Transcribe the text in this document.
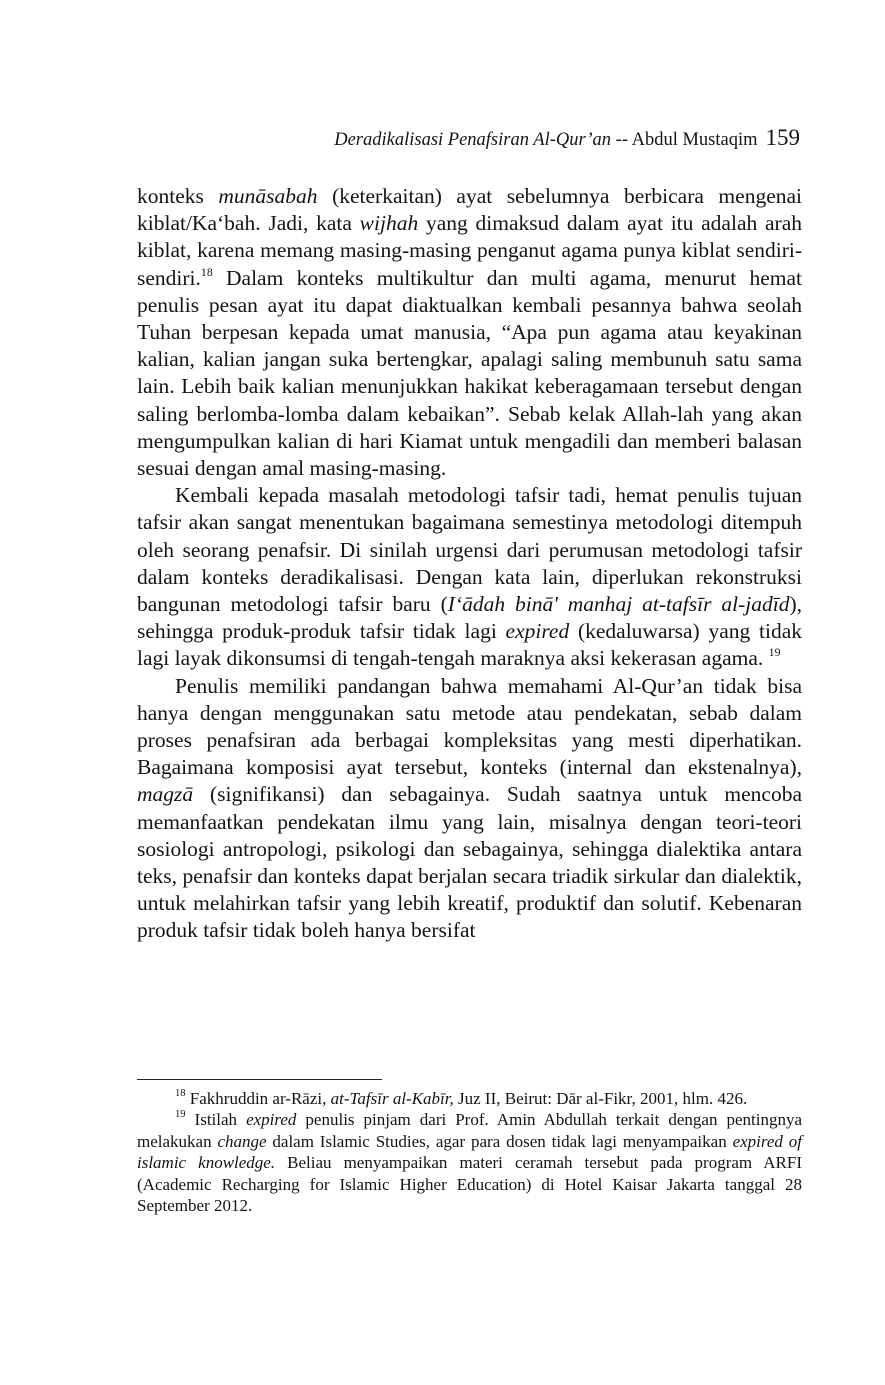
Deradikalisasi Penafsiran Al-Qur’an -- Abdul Mustaqim 159

konteks munāsabah (keterkaitan) ayat sebelumnya berbicara mengenai kiblat/Ka‘bah. Jadi, kata wijhah yang dimaksud dalam ayat itu adalah arah kiblat, karena memang masing-masing penganut agama punya kiblat sendiri-sendiri.$^{18}$ Dalam konteks multikultur dan multi agama, menurut hemat penulis pesan ayat itu dapat diaktualkan kembali pesannya bahwa seolah Tuhan berpesan kepada umat manusia, “Apa pun agama atau keyakinan kalian, kalian jangan suka bertengkar, apalagi saling membunuh satu sama lain. Lebih baik kalian menunjukkan hakikat keberagamaan tersebut dengan saling berlomba-lomba dalam kebaikan”. Sebab kelak Allah-lah yang akan mengumpulkan kalian di hari Kiamat untuk mengadili dan memberi balasan sesuai dengan amal masing-masing.

Kembali kepada masalah metodologi tafsir tadi, hemat penulis tujuan tafsir akan sangat menentukan bagaimana semestinya metodologi ditempuh oleh seorang penafsir. Di sinilah urgensi dari perumusan metodologi tafsir dalam konteks deradikalisasi. Dengan kata lain, diperlukan rekonstruksi bangunan metodologi tafsir baru (I‘ādah binā' manhaj at-tafsīr al-jadīd), sehingga produk-produk tafsir tidak lagi expired (kedaluwarsa) yang tidak lagi layak dikonsumsi di tengah-tengah maraknya aksi kekerasan agama. $^{19}$

Penulis memiliki pandangan bahwa memahami Al-Qur’an tidak bisa hanya dengan menggunakan satu metode atau pendekatan, sebab dalam proses penafsiran ada berbagai kompleksitas yang mesti diperhatikan. Bagaimana komposisi ayat tersebut, konteks (internal dan ekstenalnya), magzā (signifikansi) dan sebagainya. Sudah saatnya untuk mencoba memanfaatkan pendekatan ilmu yang lain, misalnya dengan teori-teori sosiologi antropologi, psikologi dan sebagainya, sehingga dialektika antara teks, penafsir dan konteks dapat berjalan secara triadik sirkular dan dialektik, untuk melahirkan tafsir yang lebih kreatif, produktif dan solutif. Kebenaran produk tafsir tidak boleh hanya bersifat

$^{18}$ Fakhruddin ar-Rāzi, at-Tafsīr al-Kabīr, Juz II, Beirut: Dār al-Fikr, 2001, hlm. 426.

$^{19}$ Istilah expired penulis pinjam dari Prof. Amin Abdullah terkait dengan pentingnya melakukan change dalam Islamic Studies, agar para dosen tidak lagi menyampaikan expired of islamic knowledge. Beliau menyampaikan materi ceramah tersebut pada program ARFI (Academic Recharging for Islamic Higher Education) di Hotel Kaisar Jakarta tanggal 28 September 2012.
